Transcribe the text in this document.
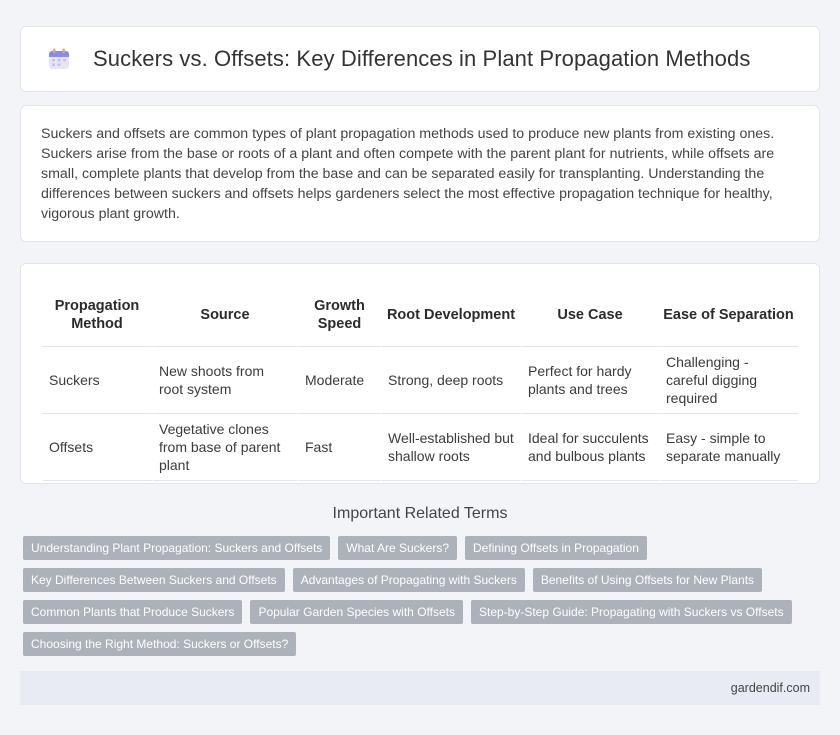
Suckers vs. Offsets: Key Differences in Plant Propagation Methods

Suckers and offsets are common types of plant propagation methods used to produce new plants from existing ones. Suckers arise from the base or roots of a plant and often compete with the parent plant for nutrients, while offsets are small, complete plants that develop from the base and can be separated easily for transplanting. Understanding the differences between suckers and offsets helps gardeners select the most effective propagation technique for healthy, vigorous plant growth.

Propagation Method	Source	Growth Speed	Root Development	Use Case	Ease of Separation
Suckers	New shoots from root system	Moderate	Strong, deep roots	Perfect for hardy plants and trees	Challenging - careful digging required
Offsets	Vegetative clones from base of parent plant	Fast	Well-established but shallow roots	Ideal for succulents and bulbous plants	Easy - simple to separate manually
Important Related Terms
Understanding Plant Propagation: Suckers and Offsets	What Are Suckers?	Defining Offsets in Propagation
Key Differences Between Suckers and Offsets	Advantages of Propagating with Suckers	Benefits of Using Offsets for New Plants
Common Plants that Produce Suckers	Popular Garden Species with Offsets	Step-by-Step Guide: Propagating with Suckers vs Offsets
Choosing the Right Method: Suckers or Offsets?
gardendif.com
